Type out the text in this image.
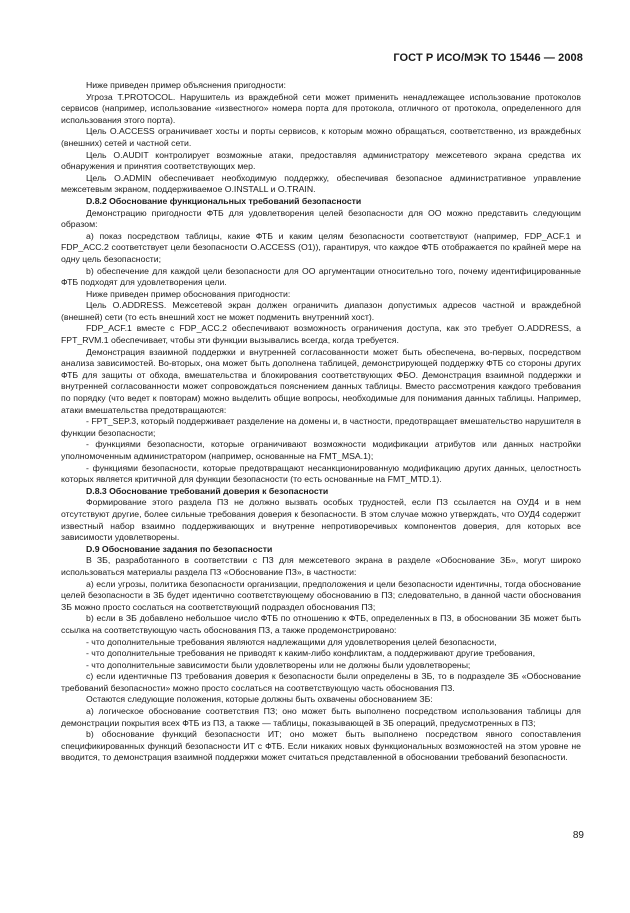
ГОСТ Р ИСО/МЭК ТО 15446 — 2008

Ниже приведен пример объяснения пригодности:

Угроза T.PROTOCOL. Нарушитель из враждебной сети может применить ненадлежащее использование протоколов сервисов (например, использование «известного» номера порта для протокола, отличного от протокола, определенного для использования этого порта).

Цель O.ACCESS ограничивает хосты и порты сервисов, к которым можно обращаться, соответственно, из враждебных (внешних) сетей и частной сети.

Цель O.AUDIT контролирует возможные атаки, предоставляя администратору межсетевого экрана средства их обнаружения и принятия соответствующих мер.

Цель O.ADMIN обеспечивает необходимую поддержку, обеспечивая безопасное административное управление межсетевым экраном, поддерживаемое O.INSTALL и O.TRAIN.

D.8.2 Обоснование функциональных требований безопасности

Демонстрацию пригодности ФТБ для удовлетворения целей безопасности для ОО можно представить следующим образом:

а) показ посредством таблицы, какие ФТБ и каким целям безопасности соответствуют (например, FDP_ACF.1 и FDP_ACC.2 соответствует цели безопасности O.ACCESS (O1)), гарантируя, что каждое ФТБ отображается по крайней мере на одну цель безопасности;

b) обеспечение для каждой цели безопасности для ОО аргументации относительно того, почему идентифицированные ФТБ подходят для удовлетворения цели.

Ниже приведен пример обоснования пригодности:

Цель O.ADDRESS. Межсетевой экран должен ограничить диапазон допустимых адресов частной и враждебной (внешней) сети (то есть внешний хост не может подменить внутренний хост).

FDP_ACF.1 вместе с FDP_ACC.2 обеспечивают возможность ограничения доступа, как это требует O.ADDRESS, а FPT_RVM.1 обеспечивает, чтобы эти функции вызывались всегда, когда требуется.

Демонстрация взаимной поддержки и внутренней согласованности может быть обеспечена, во-первых, посредством анализа зависимостей. Во-вторых, она может быть дополнена таблицей, демонстрирующей поддержку ФТБ со стороны других ФТБ для защиты от обхода, вмешательства и блокирования соответствующих ФБО. Демонстрация взаимной поддержки и внутренней согласованности может сопровождаться пояснением данных таблицы. Вместо рассмотрения каждого требования по порядку (что ведет к повторам) можно выделить общие вопросы, необходимые для понимания данных таблицы. Например, атаки вмешательства предотвращаются:

- FPT_SEP.3, который поддерживает разделение на домены и, в частности, предотвращает вмешательство нарушителя в функции безопасности;

- функциями безопасности, которые ограничивают возможности модификации атрибутов или данных настройки уполномоченным администратором (например, основанные на FMT_MSA.1);

- функциями безопасности, которые предотвращают несанкционированную модификацию других данных, целостность которых является критичной для функции безопасности (то есть основанные на FMT_MTD.1).

D.8.3 Обоснование требований доверия к безопасности

Формирование этого раздела ПЗ не должно вызвать особых трудностей, если ПЗ ссылается на ОУД4 и в нем отсутствуют другие, более сильные требования доверия к безопасности. В этом случае можно утверждать, что ОУД4 содержит известный набор взаимно поддерживающих и внутренне непротиворечивых компонентов доверия, для которых все зависимости удовлетворены.

D.9 Обоснование задания по безопасности

В ЗБ, разработанного в соответствии с ПЗ для межсетевого экрана в разделе «Обоснование ЗБ», могут широко использоваться материалы раздела ПЗ «Обоснование ПЗ», в частности:

а) если угрозы, политика безопасности организации, предположения и цели безопасности идентичны, тогда обоснование целей безопасности в ЗБ будет идентично соответствующему обоснованию в ПЗ; следовательно, в данной части обоснования ЗБ можно просто сослаться на соответствующий подраздел обоснования ПЗ;

b) если в ЗБ добавлено небольшое число ФТБ по отношению к ФТБ, определенных в ПЗ, в обосновании ЗБ может быть ссылка на соответствующую часть обоснования ПЗ, а также продемонстрировано:

- что дополнительные требования являются надлежащими для удовлетворения целей безопасности,

- что дополнительные требования не приводят к каким-либо конфликтам, а поддерживают другие требования,

- что дополнительные зависимости были удовлетворены или не должны были удовлетворены;

с) если идентичные ПЗ требования доверия к безопасности были определены в ЗБ, то в подразделе ЗБ «Обоснование требований безопасности» можно просто сослаться на соответствующую часть обоснования ПЗ.

Остаются следующие положения, которые должны быть охвачены обоснованием ЗБ:

а) логическое обоснование соответствия ПЗ; оно может быть выполнено посредством использования таблицы для демонстрации покрытия всех ФТБ из ПЗ, а также — таблицы, показывающей в ЗБ операций, предусмотренных в ПЗ;

b) обоснование функций безопасности ИТ; оно может быть выполнено посредством явного сопоставления спецификированных функций безопасности ИТ с ФТБ. Если никаких новых функциональных возможностей на этом уровне не вводится, то демонстрация взаимной поддержки может считаться представленной в обосновании требований безопасности.

89
